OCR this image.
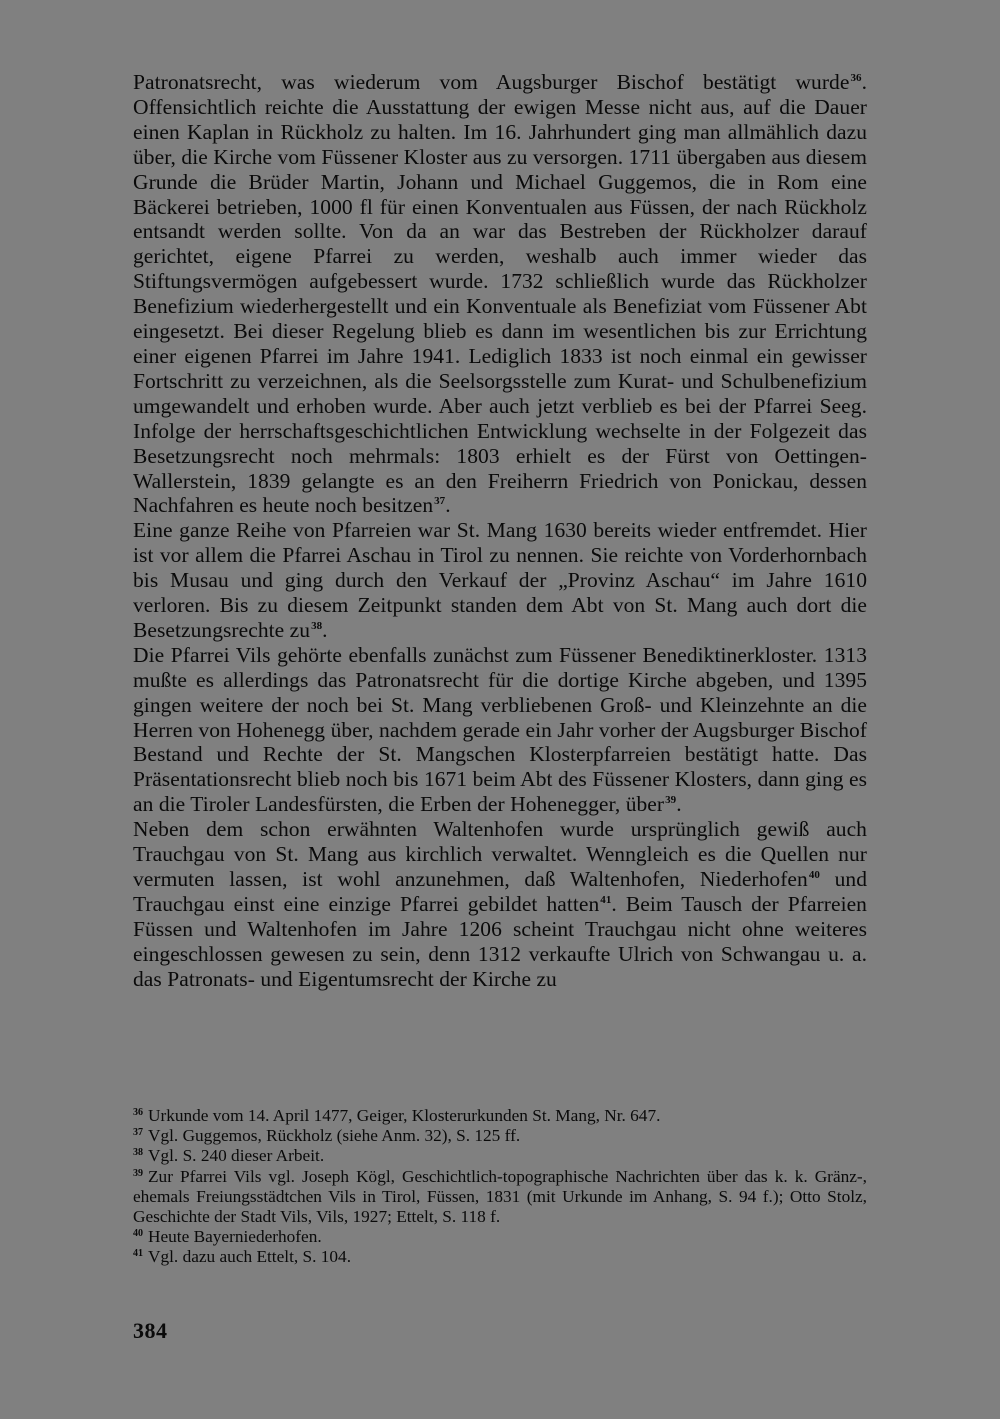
Patronatsrecht, was wiederum vom Augsburger Bischof bestätigt wurde$^{36}$. Offensichtlich reichte die Ausstattung der ewigen Messe nicht aus, auf die Dauer einen Kaplan in Rückholz zu halten. Im 16. Jahrhundert ging man allmählich dazu über, die Kirche vom Füssener Kloster aus zu versorgen. 1711 übergaben aus diesem Grunde die Brüder Martin, Johann und Michael Guggemos, die in Rom eine Bäckerei betrieben, 1000 fl für einen Konventualen aus Füssen, der nach Rückholz entsandt werden sollte. Von da an war das Bestreben der Rückholzer darauf gerichtet, eigene Pfarrei zu werden, weshalb auch immer wieder das Stiftungsvermögen aufgebessert wurde. 1732 schließlich wurde das Rückholzer Benefizium wiederhergestellt und ein Konventuale als Benefiziat vom Füssener Abt eingesetzt. Bei dieser Regelung blieb es dann im wesentlichen bis zur Errichtung einer eigenen Pfarrei im Jahre 1941. Lediglich 1833 ist noch einmal ein gewisser Fortschritt zu verzeichnen, als die Seelsorgsstelle zum Kurat- und Schulbenefizium umgewandelt und erhoben wurde. Aber auch jetzt verblieb es bei der Pfarrei Seeg. Infolge der herrschaftsgeschichtlichen Entwicklung wechselte in der Folgezeit das Besetzungsrecht noch mehrmals: 1803 erhielt es der Fürst von Oettingen-Wallerstein, 1839 gelangte es an den Freiherrn Friedrich von Ponickau, dessen Nachfahren es heute noch besitzen$^{37}$.

Eine ganze Reihe von Pfarreien war St. Mang 1630 bereits wieder entfremdet. Hier ist vor allem die Pfarrei Aschau in Tirol zu nennen. Sie reichte von Vorderhornbach bis Musau und ging durch den Verkauf der „Provinz Aschau“ im Jahre 1610 verloren. Bis zu diesem Zeitpunkt standen dem Abt von St. Mang auch dort die Besetzungsrechte zu$^{38}$.

Die Pfarrei Vils gehörte ebenfalls zunächst zum Füssener Benediktinerkloster. 1313 mußte es allerdings das Patronatsrecht für die dortige Kirche abgeben, und 1395 gingen weitere der noch bei St. Mang verbliebenen Groß- und Kleinzehnte an die Herren von Hohenegg über, nachdem gerade ein Jahr vorher der Augsburger Bischof Bestand und Rechte der St. Mangschen Klosterpfarreien bestätigt hatte. Das Präsentationsrecht blieb noch bis 1671 beim Abt des Füssener Klosters, dann ging es an die Tiroler Landesfürsten, die Erben der Hohenegger, über$^{39}$.

Neben dem schon erwähnten Waltenhofen wurde ursprünglich gewiß auch Trauchgau von St. Mang aus kirchlich verwaltet. Wenngleich es die Quellen nur vermuten lassen, ist wohl anzunehmen, daß Waltenhofen, Niederhofen$^{40}$ und Trauchgau einst eine einzige Pfarrei gebildet hatten$^{41}$. Beim Tausch der Pfarreien Füssen und Waltenhofen im Jahre 1206 scheint Trauchgau nicht ohne weiteres eingeschlossen gewesen zu sein, denn 1312 verkaufte Ulrich von Schwangau u. a. das Patronats- und Eigentumsrecht der Kirche zu

$^{36}$ Urkunde vom 14. April 1477, Geiger, Klosterurkunden St. Mang, Nr. 647.

$^{37}$ Vgl. Guggemos, Rückholz (siehe Anm. 32), S. 125 ff.

$^{38}$ Vgl. S. 240 dieser Arbeit.

$^{39}$ Zur Pfarrei Vils vgl. Joseph Kögl, Geschichtlich-topographische Nachrichten über das k. k. Gränz-, ehemals Freiungsstädtchen Vils in Tirol, Füssen, 1831 (mit Urkunde im Anhang, S. 94 f.); Otto Stolz, Geschichte der Stadt Vils, Vils, 1927; Ettelt, S. 118 f.

$^{40}$ Heute Bayerniederhofen.

$^{41}$ Vgl. dazu auch Ettelt, S. 104.

384
